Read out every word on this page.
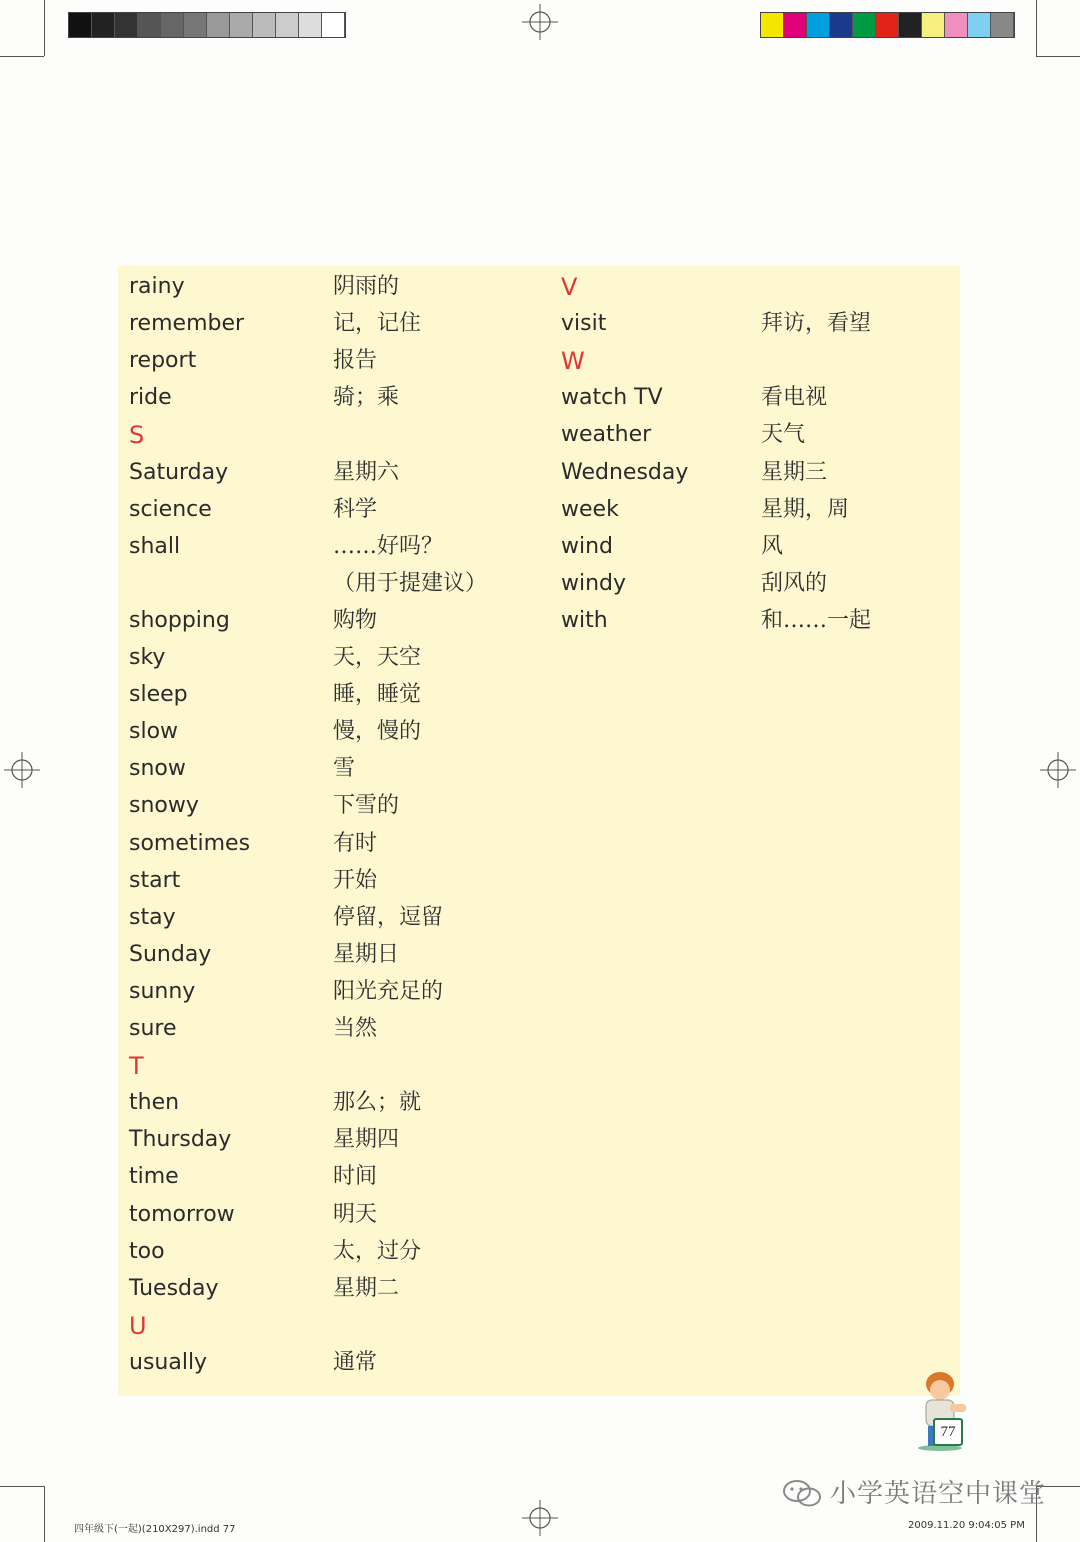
rainy	阴雨的
remember	记，记住
report	报告
ride	骑；乘
S
Saturday	星期六
science	科学
shall	……好吗？
（用于提建议）
shopping	购物
sky	天，天空
sleep	睡，睡觉
slow	慢，慢的
snow	雪
snowy	下雪的
sometimes	有时
start	开始
stay	停留，逗留
Sunday	星期日
sunny	阳光充足的
sure	当然
T
then	那么；就
Thursday	星期四
time	时间
tomorrow	明天
too	太，过分
Tuesday	星期二
U
usually	通常
V
visit	拜访，看望
W
watch TV	看电视
weather	天气
Wednesday	星期三
week	星期，周
wind	风
windy	刮风的
with	和……一起
77
小学英语空中课堂
四年级下(一起)(210X297).indd 77	2009.11.20 9:04:05 PM
